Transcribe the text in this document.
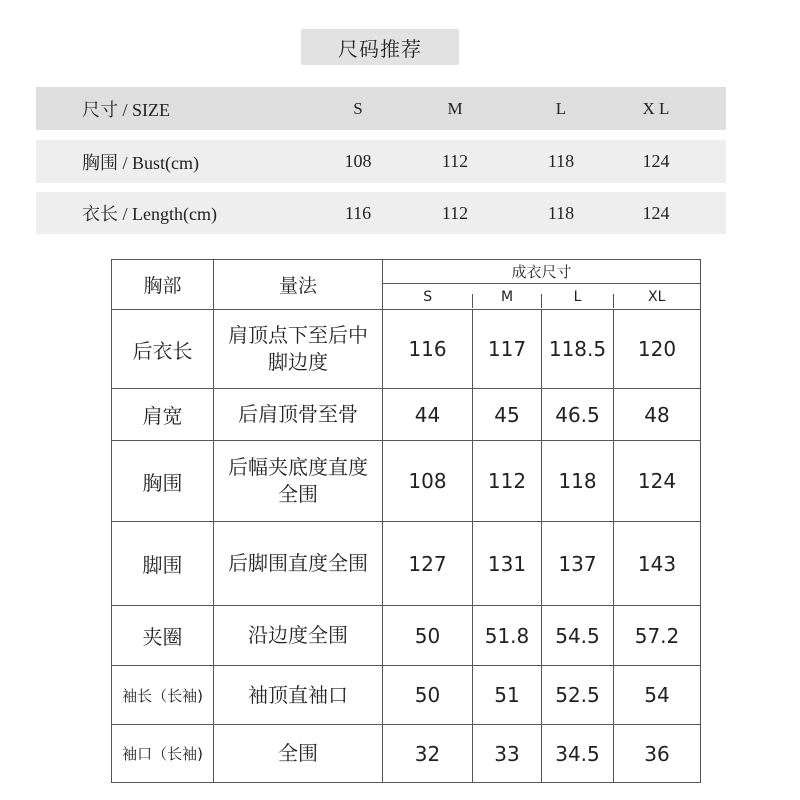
尺码推荐
尺寸 / SIZE	S	M	L	X L
胸围 / Bust(cm)	108	112	118	124
衣长 / Length(cm)	116	112	118	124
胸部	量法	成衣尺寸			
		S	M	L	XL
后衣长	肩顶点下至后中脚边度	116	117	118.5	120
肩宽	后肩顶骨至骨	44	45	46.5	48
胸围	后幅夹底度直度全围	108	112	118	124
脚围	后脚围直度全围	127	131	137	143
夹圈	沿边度全围	50	51.8	54.5	57.2
袖长（长袖)	袖顶直袖口	50	51	52.5	54
袖口（长袖)	全围	32	33	34.5	36
